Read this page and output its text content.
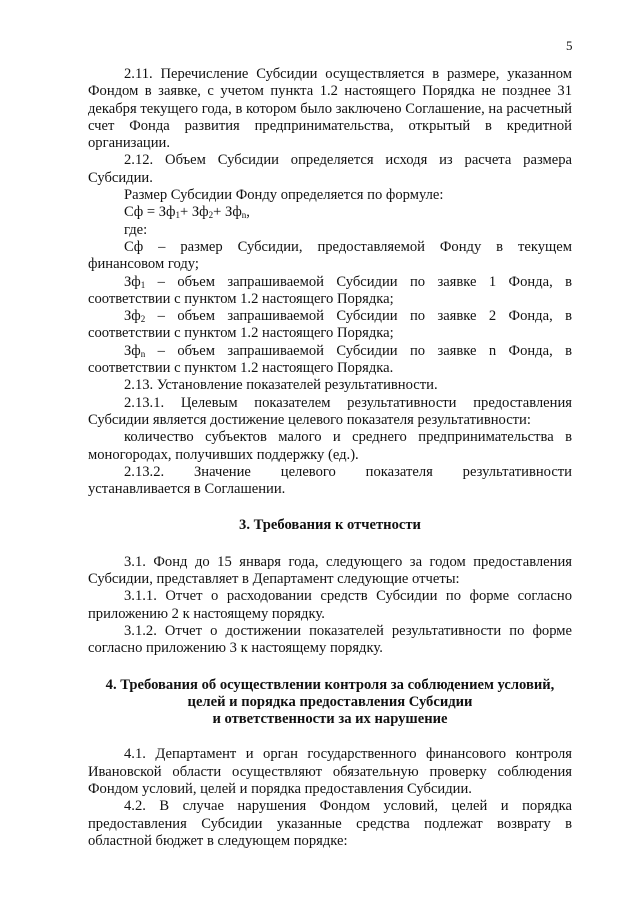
5

2.11. Перечисление Субсидии осуществляется в размере, указанном Фондом в заявке, с учетом пункта 1.2 настоящего Порядка не позднее 31 декабря текущего года, в котором было заключено Соглашение, на расчетный счет Фонда развития предпринимательства, открытый в кредитной организации.

2.12. Объем Субсидии определяется исходя из расчета размера Субсидии.

Размер Субсидии Фонду определяется по формуле:

Сф = $Зф_1+ Зф_2+ Зф_n$,

где:

Сф – размер Субсидии, предоставляемой Фонду в текущем финансовом году;

$Зф_1$ – объем запрашиваемой Субсидии по заявке 1 Фонда, в соответствии с пунктом 1.2 настоящего Порядка;

$Зф_2$ – объем запрашиваемой Субсидии по заявке 2 Фонда, в соответствии с пунктом 1.2 настоящего Порядка;

$Зф_n$ – объем запрашиваемой Субсидии по заявке n Фонда, в соответствии с пунктом 1.2 настоящего Порядка.

2.13. Установление показателей результативности.

2.13.1. Целевым показателем результативности предоставления Субсидии является достижение целевого показателя результативности:

количество субъектов малого и среднего предпринимательства в моногородах, получивших поддержку (ед.).

2.13.2. Значение целевого показателя результативности устанавливается в Соглашении.

3. Требования к отчетности

3.1. Фонд до 15 января года, следующего за годом предоставления Субсидии, представляет в Департамент следующие отчеты:

3.1.1. Отчет о расходовании средств Субсидии по форме согласно приложению 2 к настоящему порядку.

3.1.2. Отчет о достижении показателей результативности по форме согласно приложению 3 к настоящему порядку.

4. Требования об осуществлении контроля за соблюдением условий,

целей и порядка предоставления Субсидии

и ответственности за их нарушение

4.1. Департамент и орган государственного финансового контроля Ивановской области осуществляют обязательную проверку соблюдения Фондом условий, целей и порядка предоставления Субсидии.

4.2. В случае нарушения Фондом условий, целей и порядка предоставления Субсидии указанные средства подлежат возврату в областной бюджет в следующем порядке:
